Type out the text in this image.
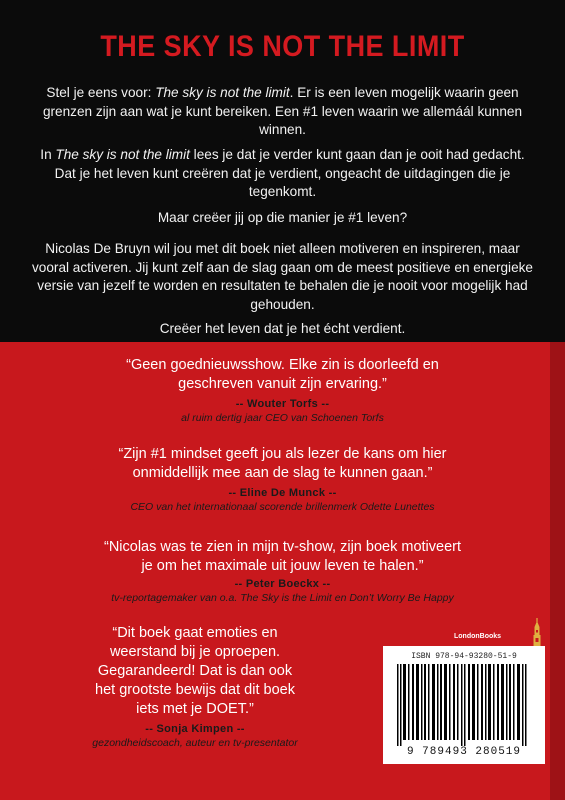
THE SKY IS NOT THE LIMIT
Stel je eens voor: The sky is not the limit. Er is een leven mogelijk waarin geen grenzen zijn aan wat je kunt bereiken. Een #1 leven waarin we allemáál kunnen winnen.
In The sky is not the limit lees je dat je verder kunt gaan dan je ooit had gedacht. Dat je het leven kunt creëren dat je verdient, ongeacht de uitdagingen die je tegenkomt.
Maar creëer jij op die manier je #1 leven?
Nicolas De Bruyn wil jou met dit boek niet alleen motiveren en inspireren, maar vooral activeren. Jij kunt zelf aan de slag gaan om de meest positieve en energieke versie van jezelf te worden en resultaten te behalen die je nooit voor mogelijk had gehouden.
Creëer het leven dat je het écht verdient.
“Geen goednieuwsshow. Elke zin is doorleefd en
geschreven vanuit zijn ervaring.”
-- Wouter Torfs --
al ruim dertig jaar CEO van Schoenen Torfs
“Zijn #1 mindset geeft jou als lezer de kans om hier
onmiddellijk mee aan de slag te kunnen gaan.”
-- Eline De Munck --
CEO van het internationaal scorende brillenmerk Odette Lunettes
“Nicolas was te zien in mijn tv-show, zijn boek motiveert
je om het maximale uit jouw leven te halen.”
-- Peter Boeckx --
tv-reportagemaker van o.a. The Sky is the Limit en Don’t Worry Be Happy
“Dit boek gaat emoties en
weerstand bij je oproepen.
Gegarandeerd! Dat is dan ook
het grootste bewijs dat dit boek
iets met je DOET.”
-- Sonja Kimpen --
gezondheidscoach, auteur en tv-presentator
LondonBooks
ISBN 978-94-93280-51-9
9 789493 280519
